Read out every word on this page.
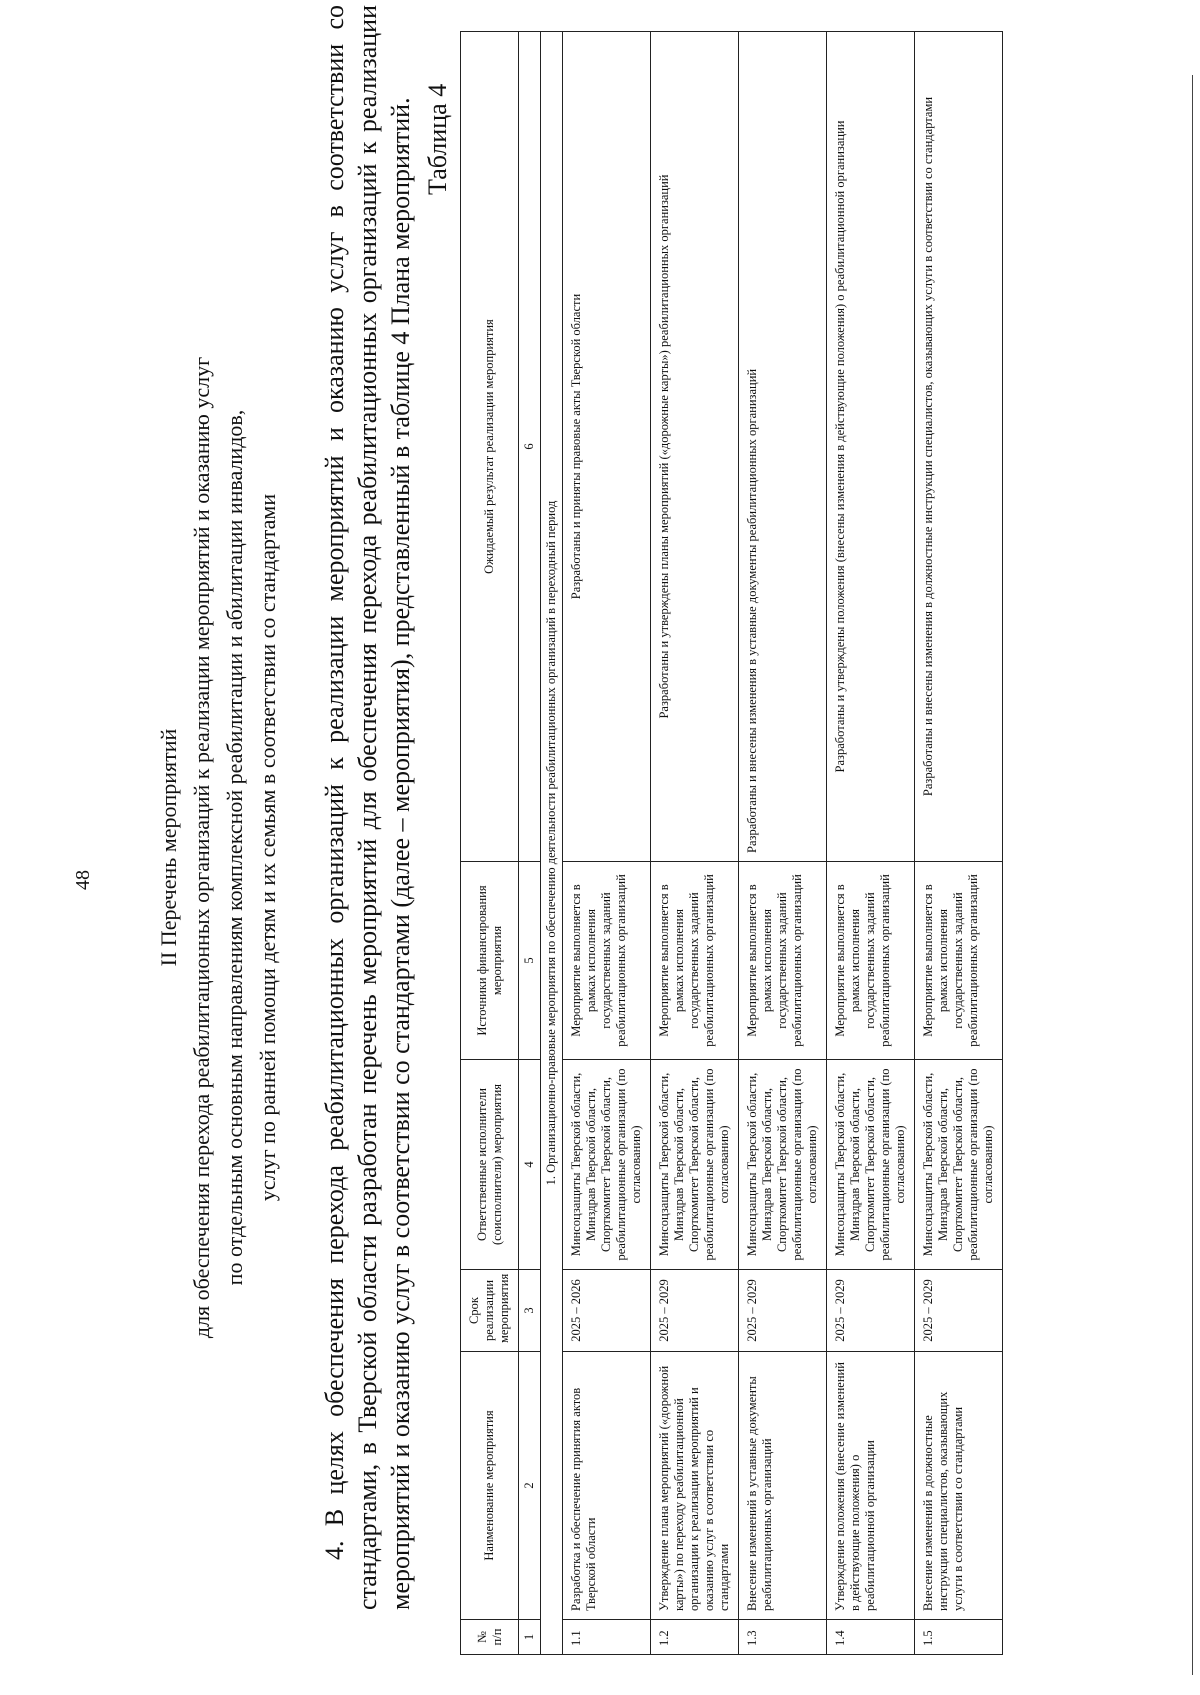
48	II Перечень мероприятий для обеспечения перехода реабилитационных организаций к реализации мероприятий и оказанию услуг по отдельным основным направлениям комплексной реабилитации и абилитации инвалидов, услуг по ранней помощи детям и их семьям в соответствии со стандартами 4. В целях обеспечения перехода реабилитационных организаций к реализации мероприятий и оказанию услуг в соответствии со стандартами, в Тверской области разработан перечень мероприятий для обеспечения перехода реабилитационных организаций к реализации мероприятий и оказанию услуг в соответствии со стандартами (далее – мероприятия), представленный в таблице 4 Плана мероприятий. Таблица 4
№ п/п	Наименование мероприятия	Срок реализации мероприятия	Ответственные исполнители (соисполнители) мероприятия	Источники финансирования мероприятия	Ожидаемый результат реализации мероприятия
1	2	3	4	5	6
1. Организационно-правовые мероприятия по обеспечению деятельности реабилитационных организаций в переходный период					
1.1	Разработка и обеспечение принятия актов Тверской области	2025 – 2026	Минсоцзащиты Тверской области, Минздрав Тверской области, Спорткомитет Тверской области, реабилитационные организации (по согласованию)	Мероприятие выполняется в рамках исполнения государственных заданий реабилитационных организаций	Разработаны и приняты правовые акты Тверской области
1.2	Утверждение плана мероприятий («дорожной карты») по переходу реабилитационной организации к реализации мероприятий и оказанию услуг в соответствии со стандартами	2025 – 2029	Минсоцзащиты Тверской области, Минздрав Тверской области, Спорткомитет Тверской области, реабилитационные организации (по согласованию)	Мероприятие выполняется в рамках исполнения государственных заданий реабилитационных организаций	Разработаны и утверждены планы мероприятий («дорожные карты») реабилитационных организаций
1.3	Внесение изменений в уставные документы реабилитационных организаций	2025 – 2029	Минсоцзащиты Тверской области, Минздрав Тверской области, Спорткомитет Тверской области, реабилитационные организации (по согласованию)	Мероприятие выполняется в рамках исполнения государственных заданий реабилитационных организаций	Разработаны и внесены изменения в уставные документы реабилитационных организаций
1.4	Утверждение положения (внесение изменений в действующие положения) о реабилитационной организации	2025 – 2029	Минсоцзащиты Тверской области, Минздрав Тверской области, Спорткомитет Тверской области, реабилитационные организации (по согласованию)	Мероприятие выполняется в рамках исполнения государственных заданий реабилитационных организаций	Разработаны и утверждены положения (внесены изменения в действующие положения) о реабилитационной организации
1.5	Внесение изменений в должностные инструкции специалистов, оказывающих услуги в соответствии со стандартами	2025 – 2029	Минсоцзащиты Тверской области, Минздрав Тверской области, Спорткомитет Тверской области, реабилитационные организации (по согласованию)	Мероприятие выполняется в рамках исполнения государственных заданий реабилитационных организаций	Разработаны и внесены изменения в должностные инструкции специалистов, оказывающих услуги в соответствии со стандартами
